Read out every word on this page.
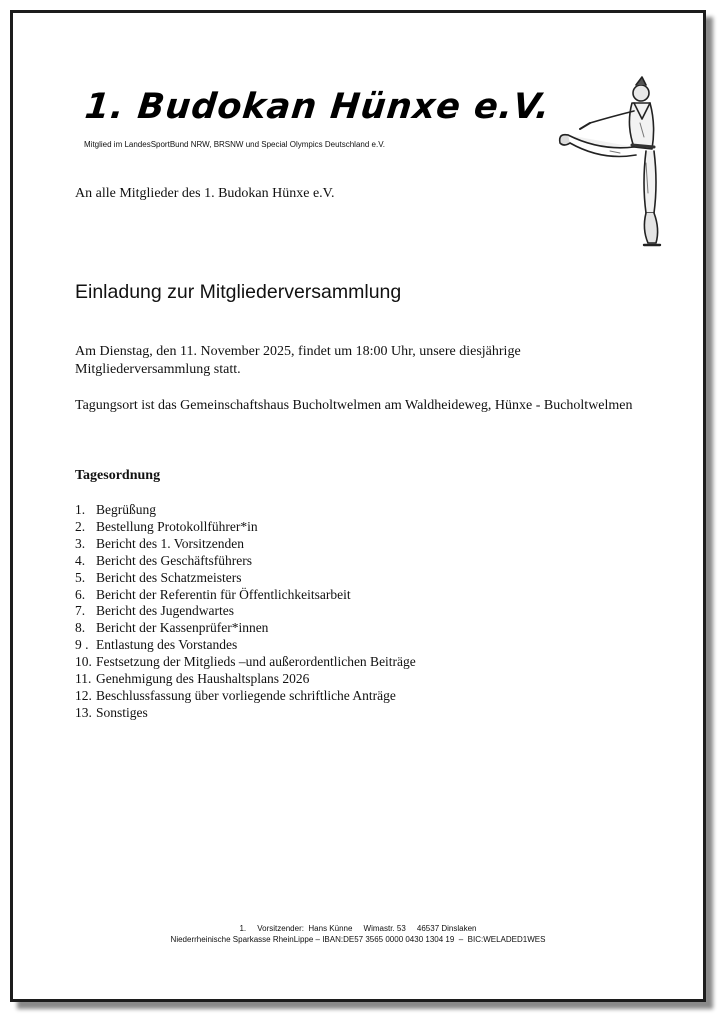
1. Budokan Hünxe e.V.
Mitglied im LandesSportBund NRW, BRSNW und Special Olympics Deutschland e.V.
An alle Mitglieder des 1. Budokan Hünxe e.V.
Einladung zur Mitgliederversammlung

Am Dienstag, den 11. November 2025, findet um 18:00 Uhr, unsere diesjährige Mitgliederversammlung statt.

Tagungsort ist das Gemeinschaftshaus Bucholtwelmen am Waldheideweg, Hünxe - Bucholtwelmen

Tagesordnung
1. Begrüßung
2. Bestellung Protokollführer*in
3. Bericht des 1. Vorsitzenden
4. Bericht des Geschäftsführers
5. Bericht des Schatzmeisters
6. Bericht der Referentin für Öffentlichkeitsarbeit
7. Bericht des Jugendwartes
8. Bericht der Kassenprüfer*innen
9 . Entlastung des Vorstandes
10. Festsetzung der Mitglieds –und außerordentlichen Beiträge
11. Genehmigung des Haushaltsplans 2026
12. Beschlussfassung über vorliegende schriftliche Anträge
13. Sonstiges
1.     Vorsitzender:  Hans Künne     Wimastr. 53     46537 Dinslaken
Niederrheinische Sparkasse RheinLippe – IBAN:DE57 3565 0000 0430 1304 19  –  BIC:WELADED1WES
